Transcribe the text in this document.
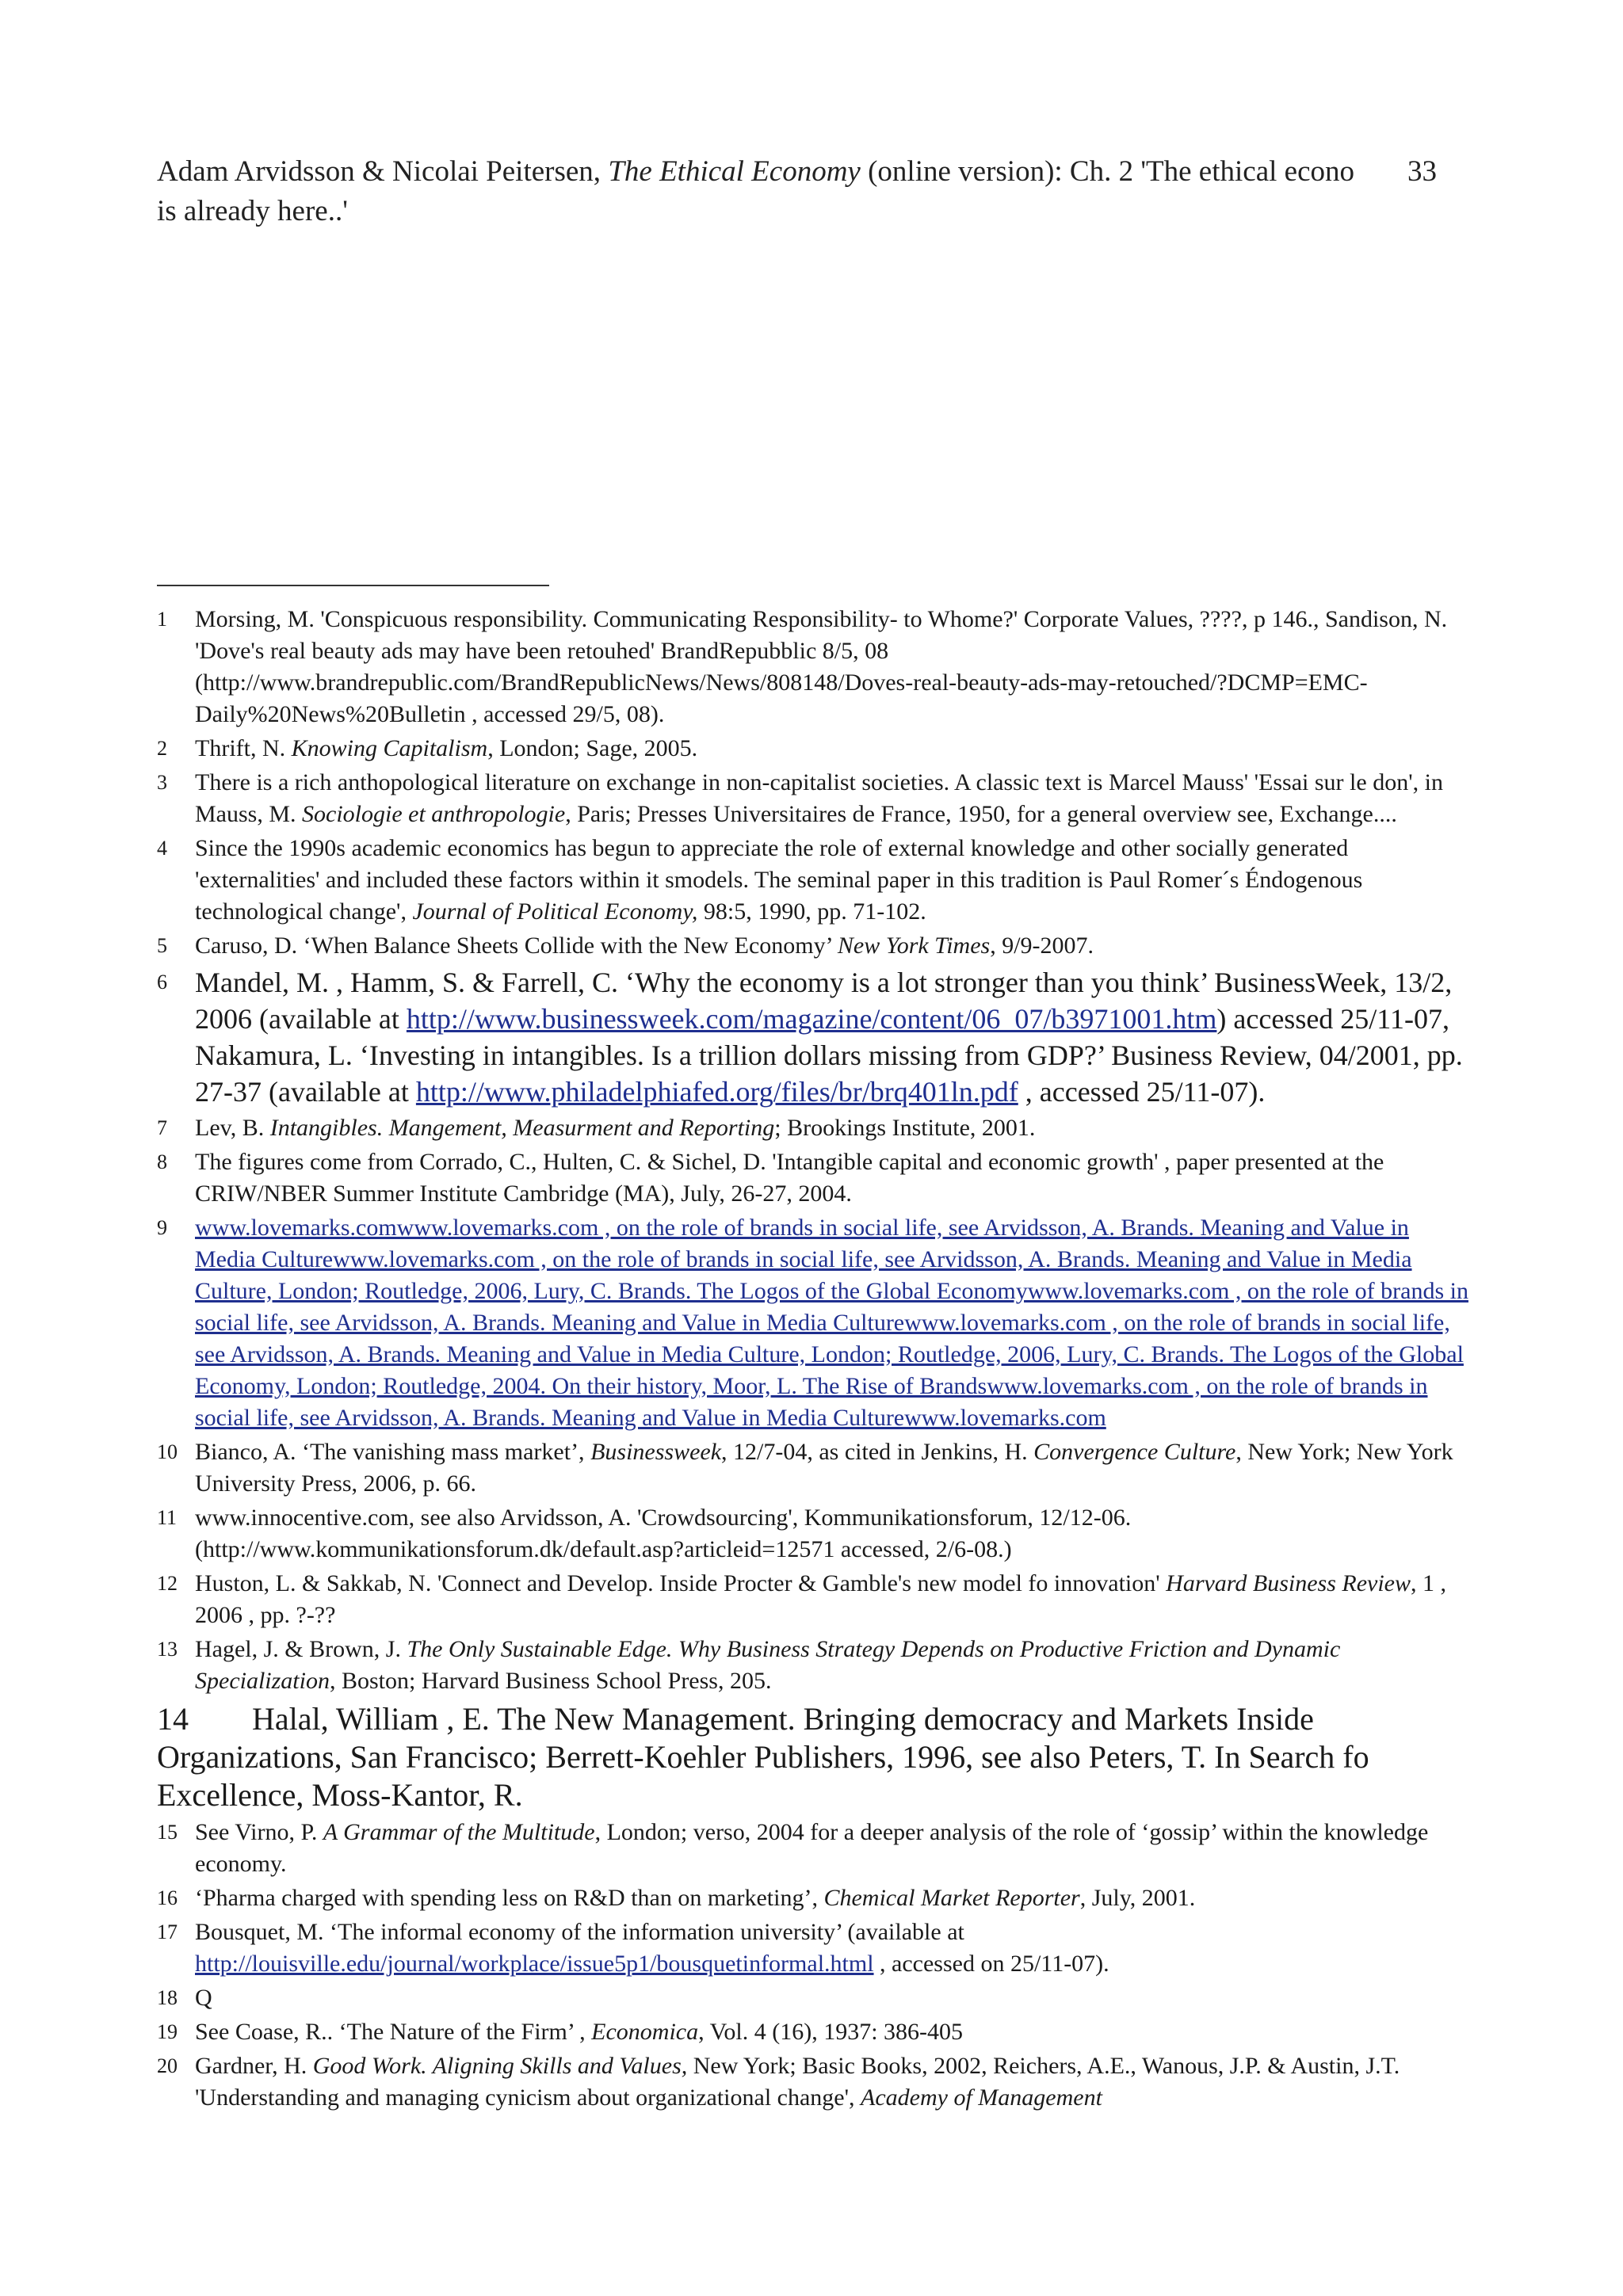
Adam Arvidsson & Nicolai Peitersen, The Ethical Economy (online version): Ch. 2 'The ethical econo
is already here..'
33
1 Morsing, M. 'Conspicuous responsibility. Communicating Responsibility- to Whome?' Corporate Values, ????, p 146., Sandison, N. 'Dove's real beauty ads may have been retouhed' BrandRepubblic 8/5, 08 (http://www.brandrepublic.com/BrandRepublicNews/News/808148/Doves-real-beauty-ads-may-retouched/?DCMP=EMC-Daily%20News%20Bulletin , accessed 29/5, 08).
2 Thrift, N. Knowing Capitalism, London; Sage, 2005.
3 There is a rich anthopological literature on exchange in non-capitalist societies. A classic text is Marcel Mauss' 'Essai sur le don', in Mauss, M. Sociologie et anthropologie, Paris; Presses Universitaires de France, 1950, for a general overview see, Exchange....
4 Since the 1990s academic economics has begun to appreciate the role of external knowledge and other socially generated 'externalities' and included these factors within it smodels. The seminal paper in this tradition is Paul Romer´s Éndogenous technological change', Journal of Political Economy, 98:5, 1990, pp. 71-102.
5 Caruso, D. ‘When Balance Sheets Collide with the New Economy’ New York Times, 9/9-2007.
6 Mandel, M. , Hamm, S. & Farrell, C. ‘Why the economy is a lot stronger than you think’ BusinessWeek, 13/2, 2006 (available at http://www.businessweek.com/magazine/content/06_07/b3971001.htm) accessed 25/11-07, Nakamura, L. ‘Investing in intangibles. Is a trillion dollars missing from GDP?’ Business Review, 04/2001, pp. 27-37 (available at http://www.philadelphiafed.org/files/br/brq401ln.pdf , accessed 25/11-07).
7 Lev, B. Intangibles. Mangement, Measurment and Reporting; Brookings Institute, 2001.
8 The figures come from Corrado, C., Hulten, C. & Sichel, D. 'Intangible capital and economic growth' , paper presented at the CRIW/NBER Summer Institute Cambridge (MA), July, 26-27, 2004.
9 www.lovemarks.comwww.lovemarks.com , on the role of brands in social life, see Arvidsson, A. Brands. Meaning and Value in Media Culturewww.lovemarks.com , on the role of brands in social life, see Arvidsson, A. Brands. Meaning and Value in Media Culture, London; Routledge, 2006, Lury, C. Brands. The Logos of the Global Economywww.lovemarks.com , on the role of brands in social life, see Arvidsson, A. Brands. Meaning and Value in Media Culturewww.lovemarks.com , on the role of brands in social life, see Arvidsson, A. Brands. Meaning and Value in Media Culture, London; Routledge, 2006, Lury, C. Brands. The Logos of the Global Economy, London; Routledge, 2004. On their history, Moor, L. The Rise of Brandswww.lovemarks.com , on the role of brands in social life, see Arvidsson, A. Brands. Meaning and Value in Media Culturewww.lovemarks.com
10 Bianco, A. ‘The vanishing mass market’, Businessweek, 12/7-04, as cited in Jenkins, H. Convergence Culture, New York; New York University Press, 2006, p. 66.
11 www.innocentive.com, see also Arvidsson, A. 'Crowdsourcing', Kommunikationsforum, 12/12-06. (http://www.kommunikationsforum.dk/default.asp?articleid=12571 accessed, 2/6-08.)
12 Huston, L. & Sakkab, N. 'Connect and Develop. Inside Procter & Gamble's new model fo innovation' Harvard Business Review, 1 , 2006 , pp. ?-??
13 Hagel, J. & Brown, J. The Only Sustainable Edge. Why Business Strategy Depends on Productive Friction and Dynamic Specialization, Boston; Harvard Business School Press, 205.
14 Halal, William , E. The New Management. Bringing democracy and Markets Inside Organizations, San Francisco; Berrett-Koehler Publishers, 1996, see also Peters, T. In Search fo Excellence, Moss-Kantor, R.
15 See Virno, P. A Grammar of the Multitude, London; verso, 2004 for a deeper analysis of the role of ‘gossip’ within the knowledge economy.
16 ‘Pharma charged with spending less on R&D than on marketing’, Chemical Market Reporter, July, 2001.
17 Bousquet, M. ‘The informal economy of the information university’ (available at http://louisville.edu/journal/workplace/issue5p1/bousquetinformal.html , accessed on 25/11-07).
18 Q
19 See Coase, R.. ‘The Nature of the Firm’ , Economica, Vol. 4 (16), 1937: 386-405
20 Gardner, H. Good Work. Aligning Skills and Values, New York; Basic Books, 2002, Reichers, A.E., Wanous, J.P. & Austin, J.T. 'Understanding and managing cynicism about organizational change', Academy of Management
